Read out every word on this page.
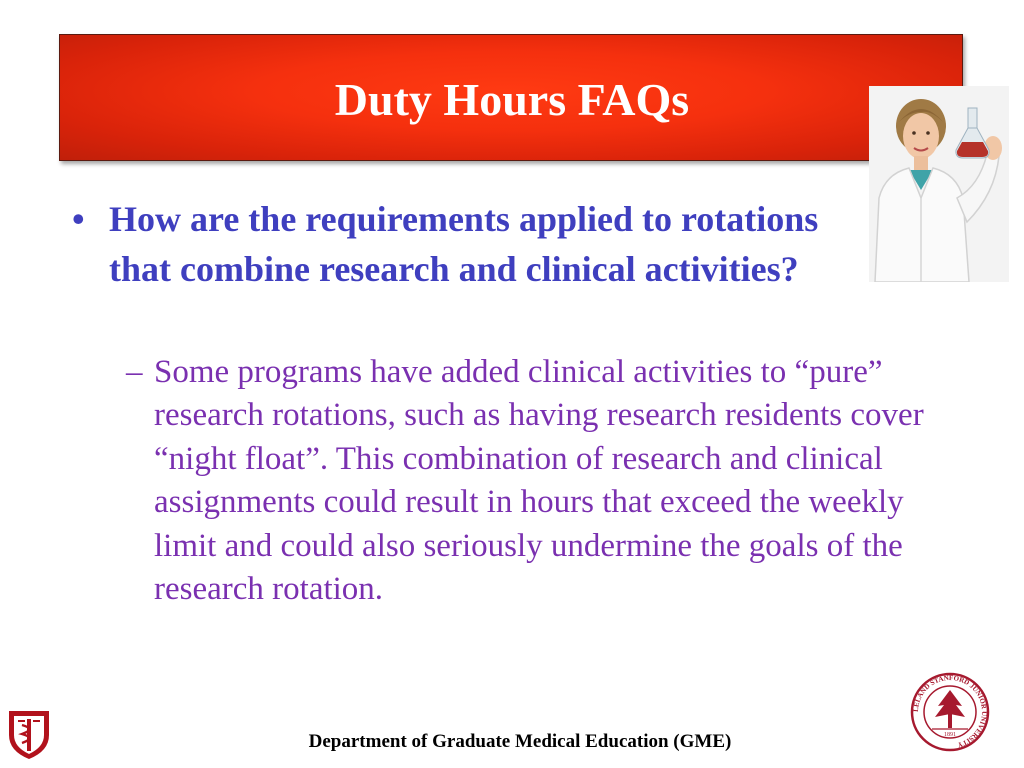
Duty Hours FAQs
• How are the requirements applied to rotations that combine research and clinical activities?
– Some programs have added clinical activities to “pure” research rotations, such as having research residents cover “night float”. This combination of research and clinical assignments could result in hours that exceed the weekly limit and could also seriously undermine the goals of the research rotation.
Department of Graduate Medical Education (GME)
LELAND STANFORD JUNIOR UNIVERSITY
1891
